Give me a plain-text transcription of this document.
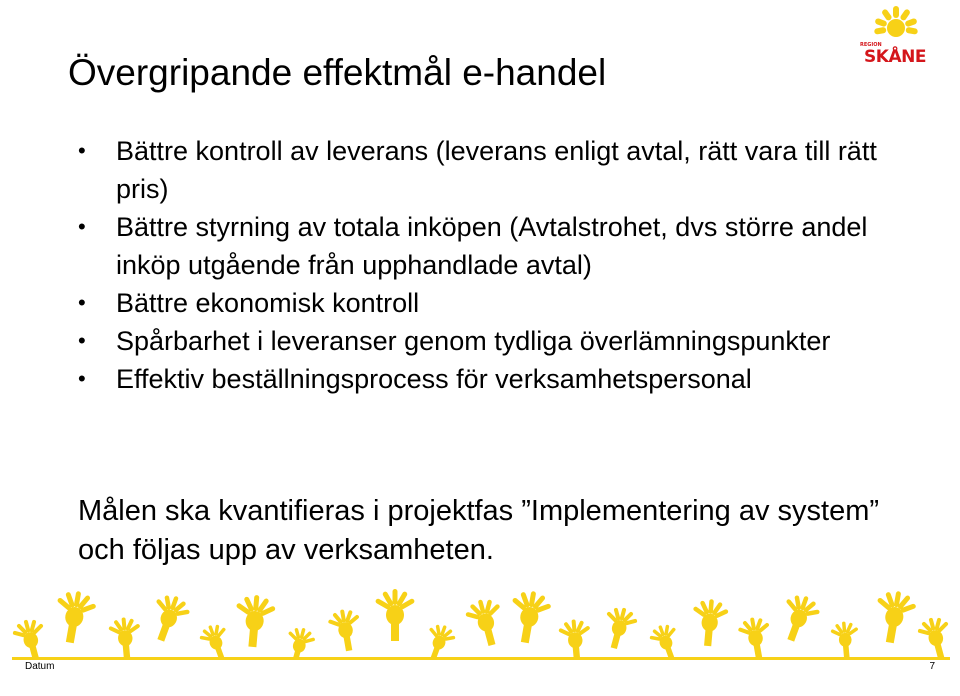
Övergripande effektmål e-handel
REGION
SKÅNE
• Bättre kontroll av leverans (leverans enligt avtal, rätt vara till rätt pris)
• Bättre styrning av totala inköpen (Avtalstrohet, dvs större andel inköp utgående från upphandlade avtal)
• Bättre ekonomisk kontroll
• Spårbarhet i leveranser genom tydliga överlämningspunkter
• Effektiv beställningsprocess för verksamhetspersonal

Målen ska kvantifieras i projektfas ”Implementering av system” och följas upp av verksamheten.

Datum	7
